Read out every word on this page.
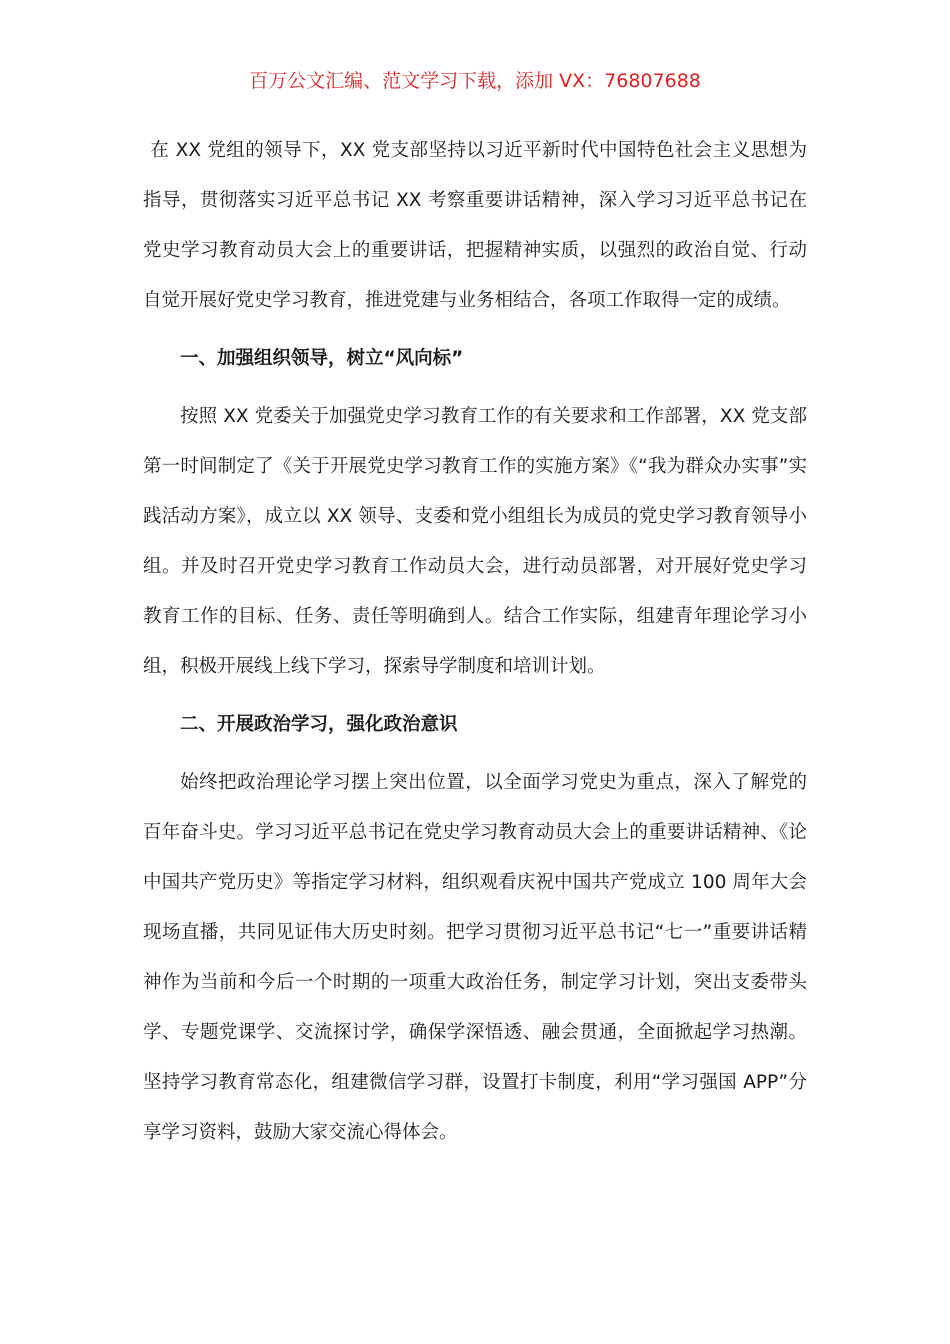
百万公文汇编、范文学习下载，添加 VX：76807688

在 XX 党组的领导下，XX 党支部坚持以习近平新时代中国特色社会主义思想为指导，贯彻落实习近平总书记 XX 考察重要讲话精神，深入学习习近平总书记在党史学习教育动员大会上的重要讲话，把握精神实质，以强烈的政治自觉、行动自觉开展好党史学习教育，推进党建与业务相结合，各项工作取得一定的成绩。

一、加强组织领导，树立“风向标”

按照 XX 党委关于加强党史学习教育工作的有关要求和工作部署，XX 党支部第一时间制定了《关于开展党史学习教育工作的实施方案》《“我为群众办实事”实践活动方案》，成立以 XX 领导、支委和党小组组长为成员的党史学习教育领导小组。并及时召开党史学习教育工作动员大会，进行动员部署，对开展好党史学习教育工作的目标、任务、责任等明确到人。结合工作实际，组建青年理论学习小组，积极开展线上线下学习，探索导学制度和培训计划。

二、开展政治学习，强化政治意识

始终把政治理论学习摆上突出位置，以全面学习党史为重点，深入了解党的百年奋斗史。学习习近平总书记在党史学习教育动员大会上的重要讲话精神、《论中国共产党历史》等指定学习材料，组织观看庆祝中国共产党成立 100 周年大会现场直播，共同见证伟大历史时刻。把学习贯彻习近平总书记“七一”重要讲话精神作为当前和今后一个时期的一项重大政治任务，制定学习计划，突出支委带头学、专题党课学、交流探讨学，确保学深悟透、融会贯通，全面掀起学习热潮。坚持学习教育常态化，组建微信学习群，设置打卡制度，利用“学习强国 APP”分享学习资料，鼓励大家交流心得体会。
